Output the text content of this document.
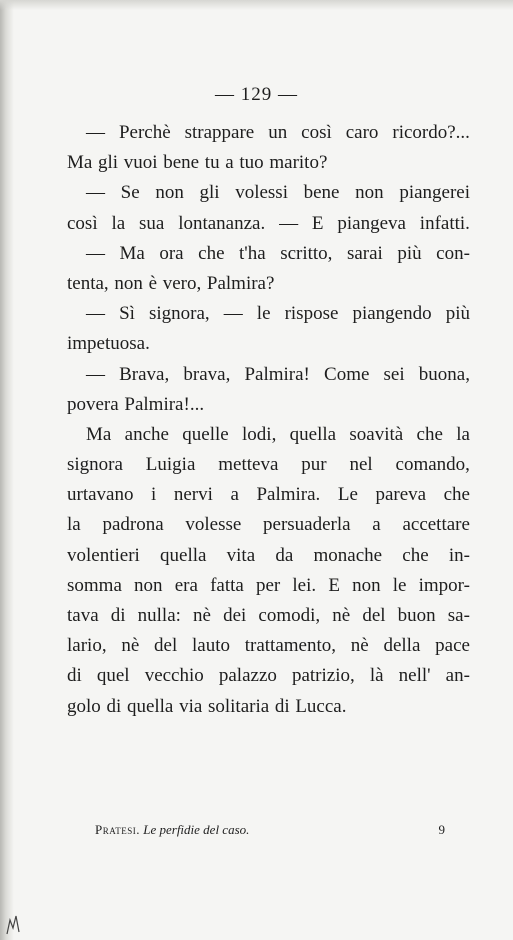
— 129 —
— Perchè strappare un così caro ricordo?...
Ma gli vuoi bene tu a tuo marito?
— Se non gli volessi bene non piangerei
così la sua lontananza. — E piangeva infatti.
— Ma ora che t'ha scritto, sarai più con-
tenta, non è vero, Palmira?
— Sì signora, — le rispose piangendo più
impetuosa.
— Brava, brava, Palmira! Come sei buona,
povera Palmira!...
Ma anche quelle lodi, quella soavità che la
signora Luigia metteva pur nel comando,
urtavano i nervi a Palmira. Le pareva che
la padrona volesse persuaderla a accettare
volentieri quella vita da monache che in-
somma non era fatta per lei. E non le impor-
tava di nulla: nè dei comodi, nè del buon sa-
lario, nè del lauto trattamento, nè della pace
di quel vecchio palazzo patrizio, là nell' an-
golo di quella via solitaria di Lucca.
Pratesi. Le perfidie del caso.	9
